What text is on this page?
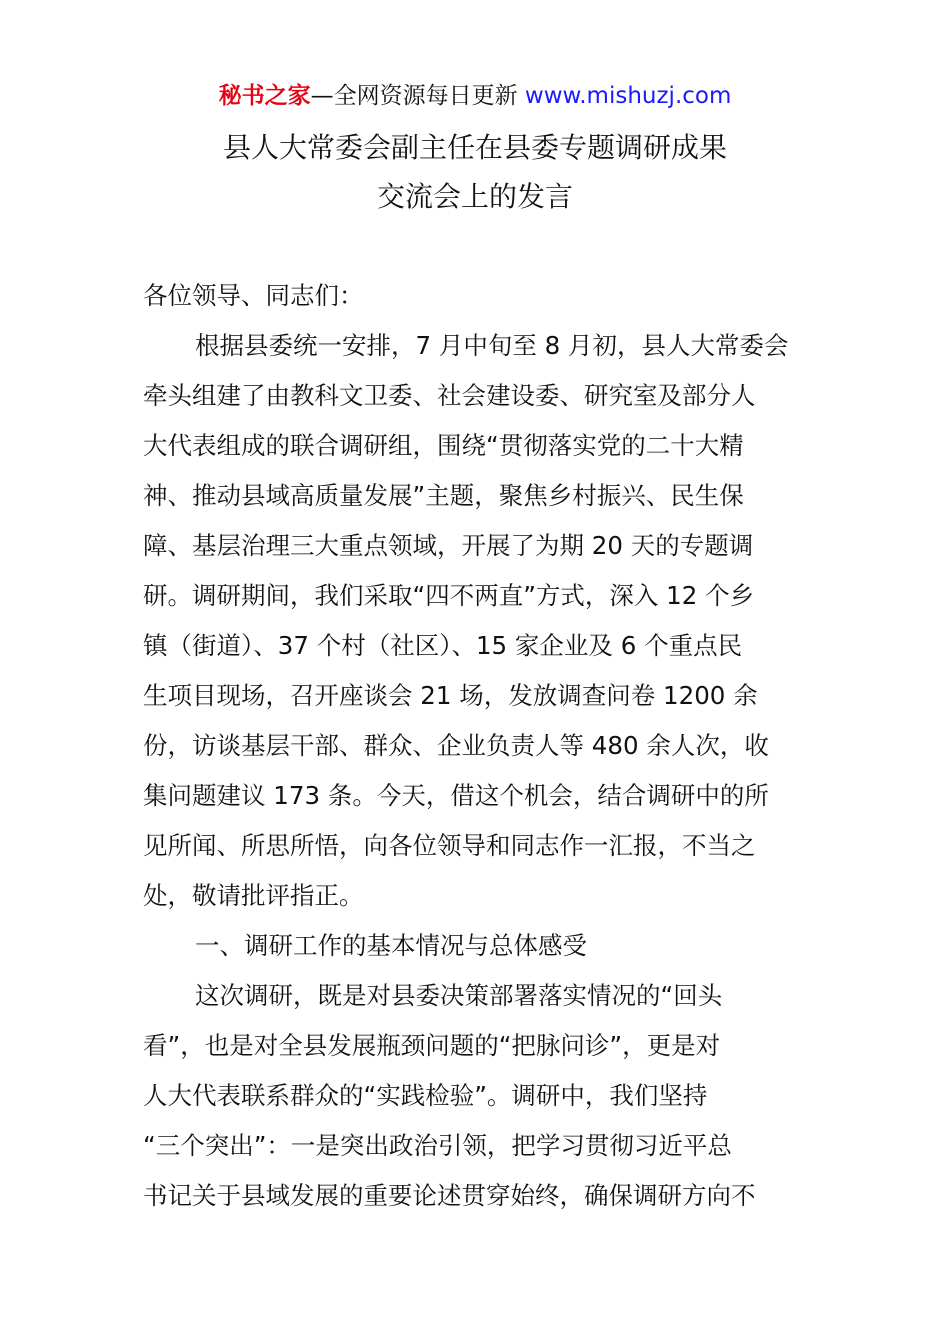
秘书之家—全网资源每日更新 www.mishuzj.com
县人大常委会副主任在县委专题调研成果
交流会上的发言
各位领导、同志们：
根据县委统一安排，7 月中旬至 8 月初，县人大常委会
牵头组建了由教科文卫委、社会建设委、研究室及部分人
大代表组成的联合调研组，围绕“贯彻落实党的二十大精
神、推动县域高质量发展”主题，聚焦乡村振兴、民生保
障、基层治理三大重点领域，开展了为期 20 天的专题调
研。调研期间，我们采取“四不两直”方式，深入 12 个乡
镇（街道）、37 个村（社区）、15 家企业及 6 个重点民
生项目现场，召开座谈会 21 场，发放调查问卷 1200 余
份，访谈基层干部、群众、企业负责人等 480 余人次，收
集问题建议 173 条。今天，借这个机会，结合调研中的所
见所闻、所思所悟，向各位领导和同志作一汇报，不当之
处，敬请批评指正。
一、调研工作的基本情况与总体感受
这次调研，既是对县委决策部署落实情况的“回头
看”，也是对全县发展瓶颈问题的“把脉问诊”，更是对
人大代表联系群众的“实践检验”。调研中，我们坚持
“三个突出”：一是突出政治引领，把学习贯彻习近平总
书记关于县域发展的重要论述贯穿始终，确保调研方向不
